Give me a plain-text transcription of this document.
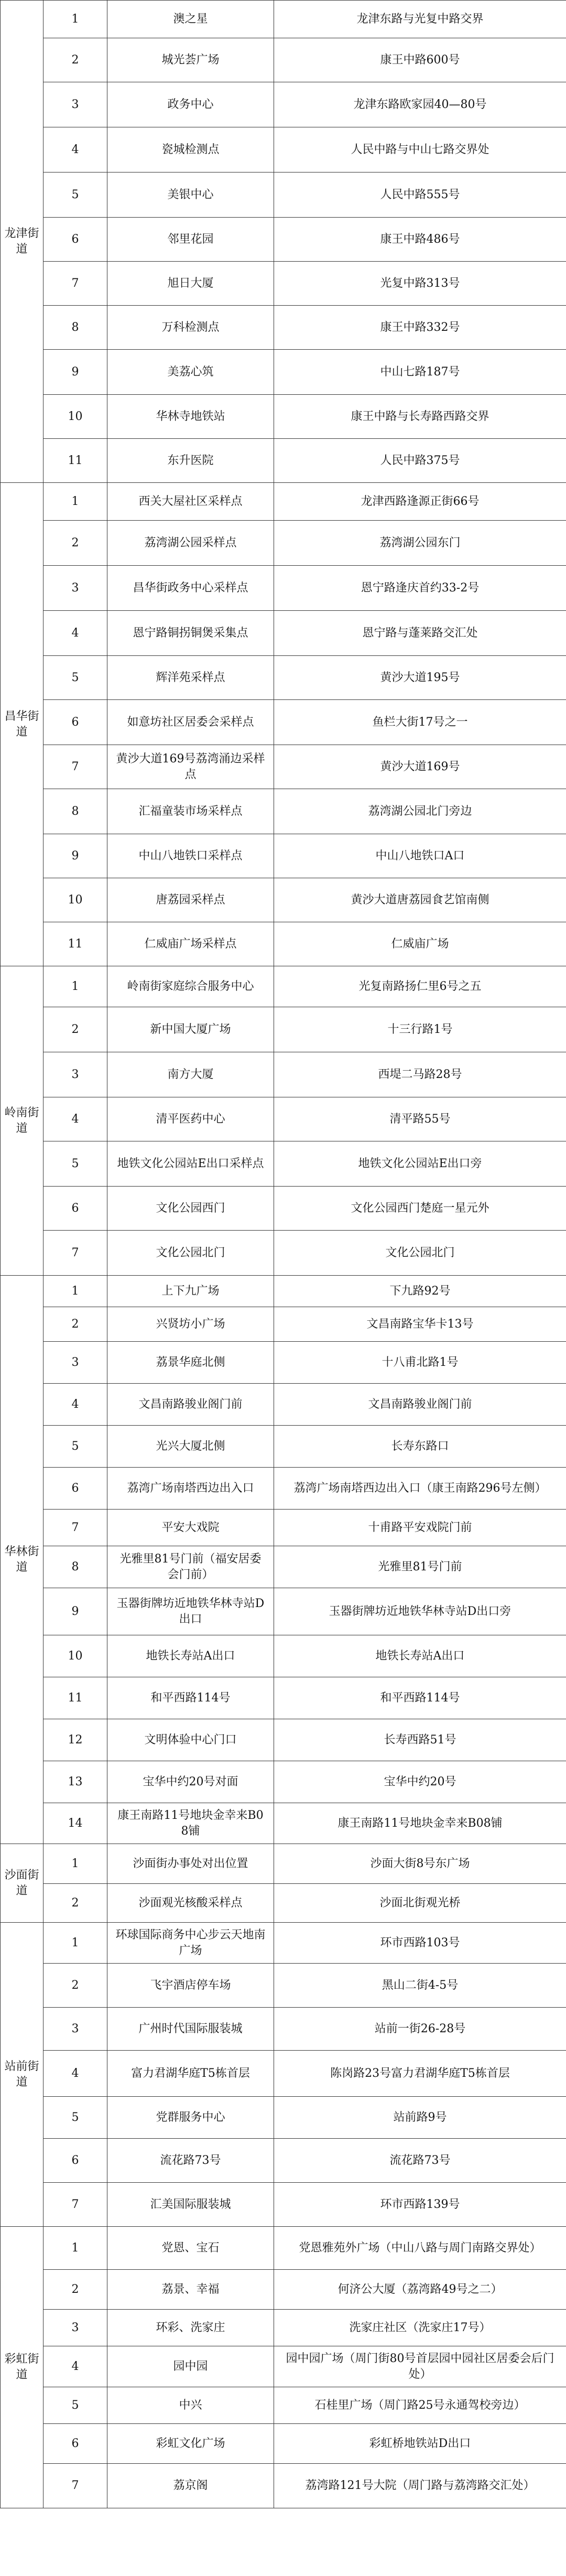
龙津街道	1	澳之星	龙津东路与光复中路交界
	2	城光荟广场	康王中路600号
	3	政务中心	龙津东路欧家园40—80号
	4	瓷城检测点	人民中路与中山七路交界处
	5	美银中心	人民中路555号
	6	邻里花园	康王中路486号
	7	旭日大厦	光复中路313号
	8	万科检测点	康王中路332号
	9	美荔心筑	中山七路187号
	10	华林寺地铁站	康王中路与长寿路西路交界
	11	东升医院	人民中路375号
昌华街道	1	西关大屋社区采样点	龙津西路逢源正街66号
	2	荔湾湖公园采样点	荔湾湖公园东门
	3	昌华街政务中心采样点	恩宁路逢庆首约33-2号
	4	恩宁路铜拐铜煲采集点	恩宁路与蓬莱路交汇处
	5	辉洋苑采样点	黄沙大道195号
	6	如意坊社区居委会采样点	鱼栏大街17号之一
	7	黄沙大道169号荔湾涌边采样点	黄沙大道169号
	8	汇福童装市场采样点	荔湾湖公园北门旁边
	9	中山八地铁口采样点	中山八地铁口A口
	10	唐荔园采样点	黄沙大道唐荔园食艺馆南侧
	11	仁威庙广场采样点	仁威庙广场
岭南街道	1	岭南街家庭综合服务中心	光复南路扬仁里6号之五
	2	新中国大厦广场	十三行路1号
	3	南方大厦	西堤二马路28号
	4	清平医药中心	清平路55号
	5	地铁文化公园站E出口采样点	地铁文化公园站E出口旁
	6	文化公园西门	文化公园西门楚庭一星元外
	7	文化公园北门	文化公园北门
华林街道	1	上下九广场	下九路92号
	2	兴贤坊小广场	文昌南路宝华卡13号
	3	荔景华庭北侧	十八甫北路1号
	4	文昌南路骏业阁门前	文昌南路骏业阁门前
	5	光兴大厦北侧	长寿东路口
	6	荔湾广场南塔西边出入口	荔湾广场南塔西边出入口（康王南路296号左侧）
	7	平安大戏院	十甫路平安戏院门前
	8	光雅里81号门前（福安居委会门前）	光雅里81号门前
	9	玉器街牌坊近地铁华林寺站D出口	玉器街牌坊近地铁华林寺站D出口旁
	10	地铁长寿站A出口	地铁长寿站A出口
	11	和平西路114号	和平西路114号
	12	文明体验中心门口	长寿西路51号
	13	宝华中约20号对面	宝华中约20号
	14	康王南路11号地块金幸来B08铺	康王南路11号地块金幸来B08铺
沙面街道	1	沙面街办事处对出位置	沙面大街8号东广场
	2	沙面观光核酸采样点	沙面北街观光桥
站前街道	1	环球国际商务中心步云天地南广场	环市西路103号
	2	飞宇酒店停车场	黑山二街4-5号
	3	广州时代国际服装城	站前一街26-28号
	4	富力君湖华庭T5栋首层	陈岗路23号富力君湖华庭T5栋首层
	5	党群服务中心	站前路9号
	6	流花路73号	流花路73号
	7	汇美国际服装城	环市西路139号
彩虹街道	1	党恩、宝石	党恩雅苑外广场（中山八路与周门南路交界处）
	2	荔景、幸福	何济公大厦（荔湾路49号之二）
	3	环彩、洗家庄	洗家庄社区（洗家庄17号）
	4	园中园	园中园广场（周门街80号首层园中园社区居委会后门处）
	5	中兴	石桂里广场（周门路25号永通驾校旁边）
	6	彩虹文化广场	彩虹桥地铁站D出口
	7	荔京阁	荔湾路121号大院（周门路与荔湾路交汇处）
